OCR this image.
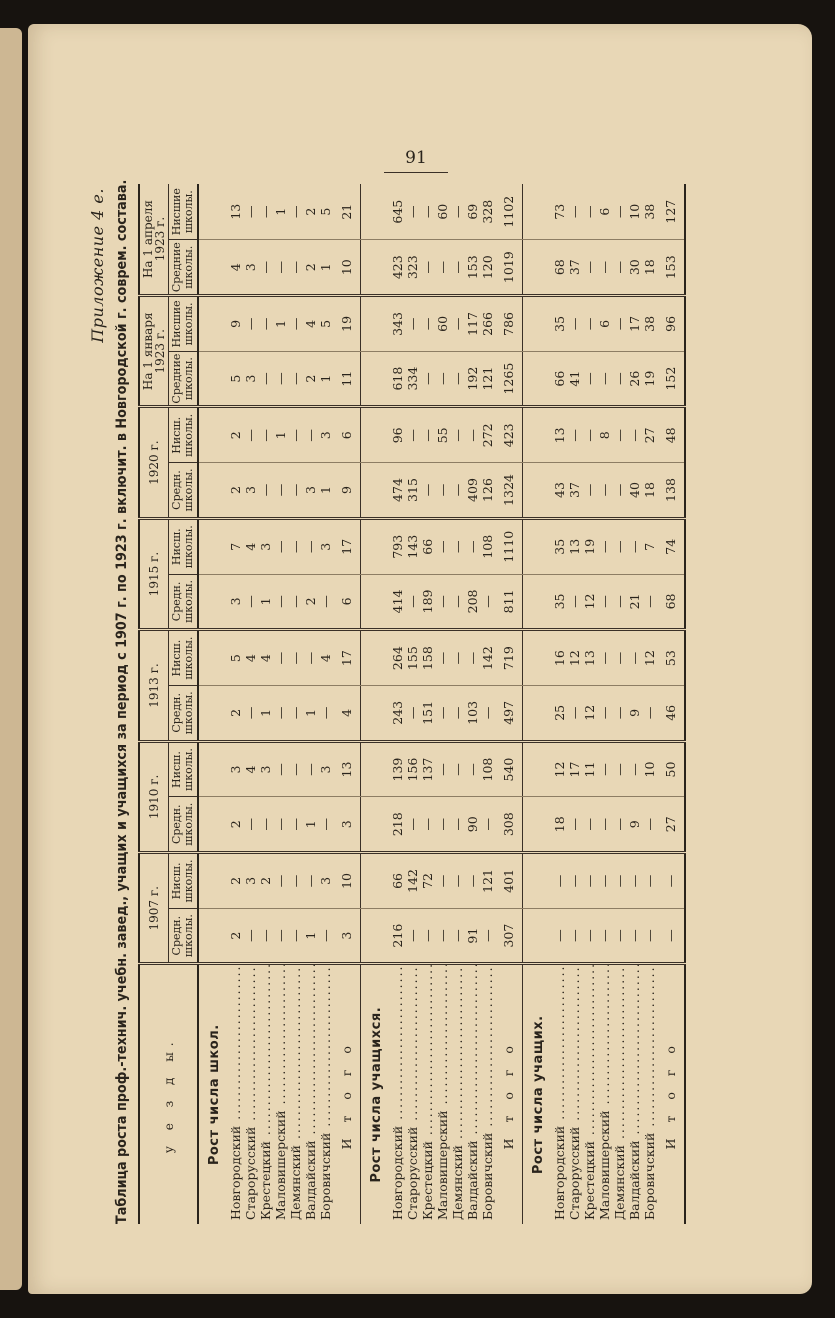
91
Приложение 4 е. Таблица роста проф.-технич. учебн. завед., учащих и учащихся за период с 1907 г. по 1923 г. включит. в Новгородской г. соврем. состава.	у е з д ы.	1907 г.		1910 г.		1913 г.		1915 г.		1920 г.		На 1 января 1923 г.		На 1 апреля 1923 г.	
	Средн. школы.	Нисш. школы.	Средн. школы.	Нисш. школы.	Средн. школы.	Нисш. школы.	Средн. школы.	Нисш. школы.	Средн. школы.	Нисш. школы.	Средние школы.	Нисшие школы.	Средние школы.	Нисшие школы.
Рост числа школ.														
Новгородский .....	2	2	2	3	2	5	3	7	2	2	5	9	4	13
Старорусский .....	—	3	—	4	—	4	—	4	3	—	3	—	3	—
Крестецкий .....	—	2	—	3	1	4	1	3	—	—	—	—	—	—
Маловишерский .....	—	—	—	—	—	—	—	—	—	1	—	1	—	1
Демянский .....	—	—	—	—	—	—	—	—	—	—	—	—	—	—
Валдайский .....	1	—	1	—	1	—	2	—	3	—	2	4	2	2
Боровичский .....	—	3	—	3	—	4	—	3	1	3	1	5	1	5
И т о г о	3	10	3	13	4	17	6	17	9	6	11	19	10	21
Рост числа учащихся.														
Новгородский .....	216	66	218	139	243	264	414	793	474	96	618	343	423	645
Старорусский .....	—	142	—	156	—	155	—	143	315	—	334	—	323	—
Крестецкий .....	—	72	—	137	151	158	189	66	—	—	—	—	—	—
Маловишерский .....	—	—	—	—	—	—	—	—	—	55	—	60	—	60
Демянский .....	—	—	—	—	—	—	—	—	—	—	—	—	—	—
Валдайский .....	91	—	90	—	103	—	208	—	409	—	192	117	153	69
Боровичский .....	—	121	—	108	—	142	—	108	126	272	121	266	120	328
И т о г о	307	401	308	540	497	719	811	1110	1324	423	1265	786	1019	1102
Рост числа учащих.														
Новгородский .....	—	—	18	12	25	16	35	35	43	13	66	35	68	73
Старорусский .....	—	—	—	17	—	12	—	13	37	—	41	—	37	—
Крестецкий .....	—	—	—	11	12	13	12	19	—	—	—	—	—	—
Маловишерский .....	—	—	—	—	—	—	—	—	—	8	—	6	—	6
Демянский .....	—	—	—	—	—	—	—	—	—	—	—	—	—	—
Валдайский .....	—	—	9	—	9	—	21	—	40	—	26	17	30	10
Боровичский .....	—	—	—	10	—	12	—	7	18	27	19	38	18	38
И т о г о	—	—	27	50	46	53	68	74	138	48	152	96	153	127
